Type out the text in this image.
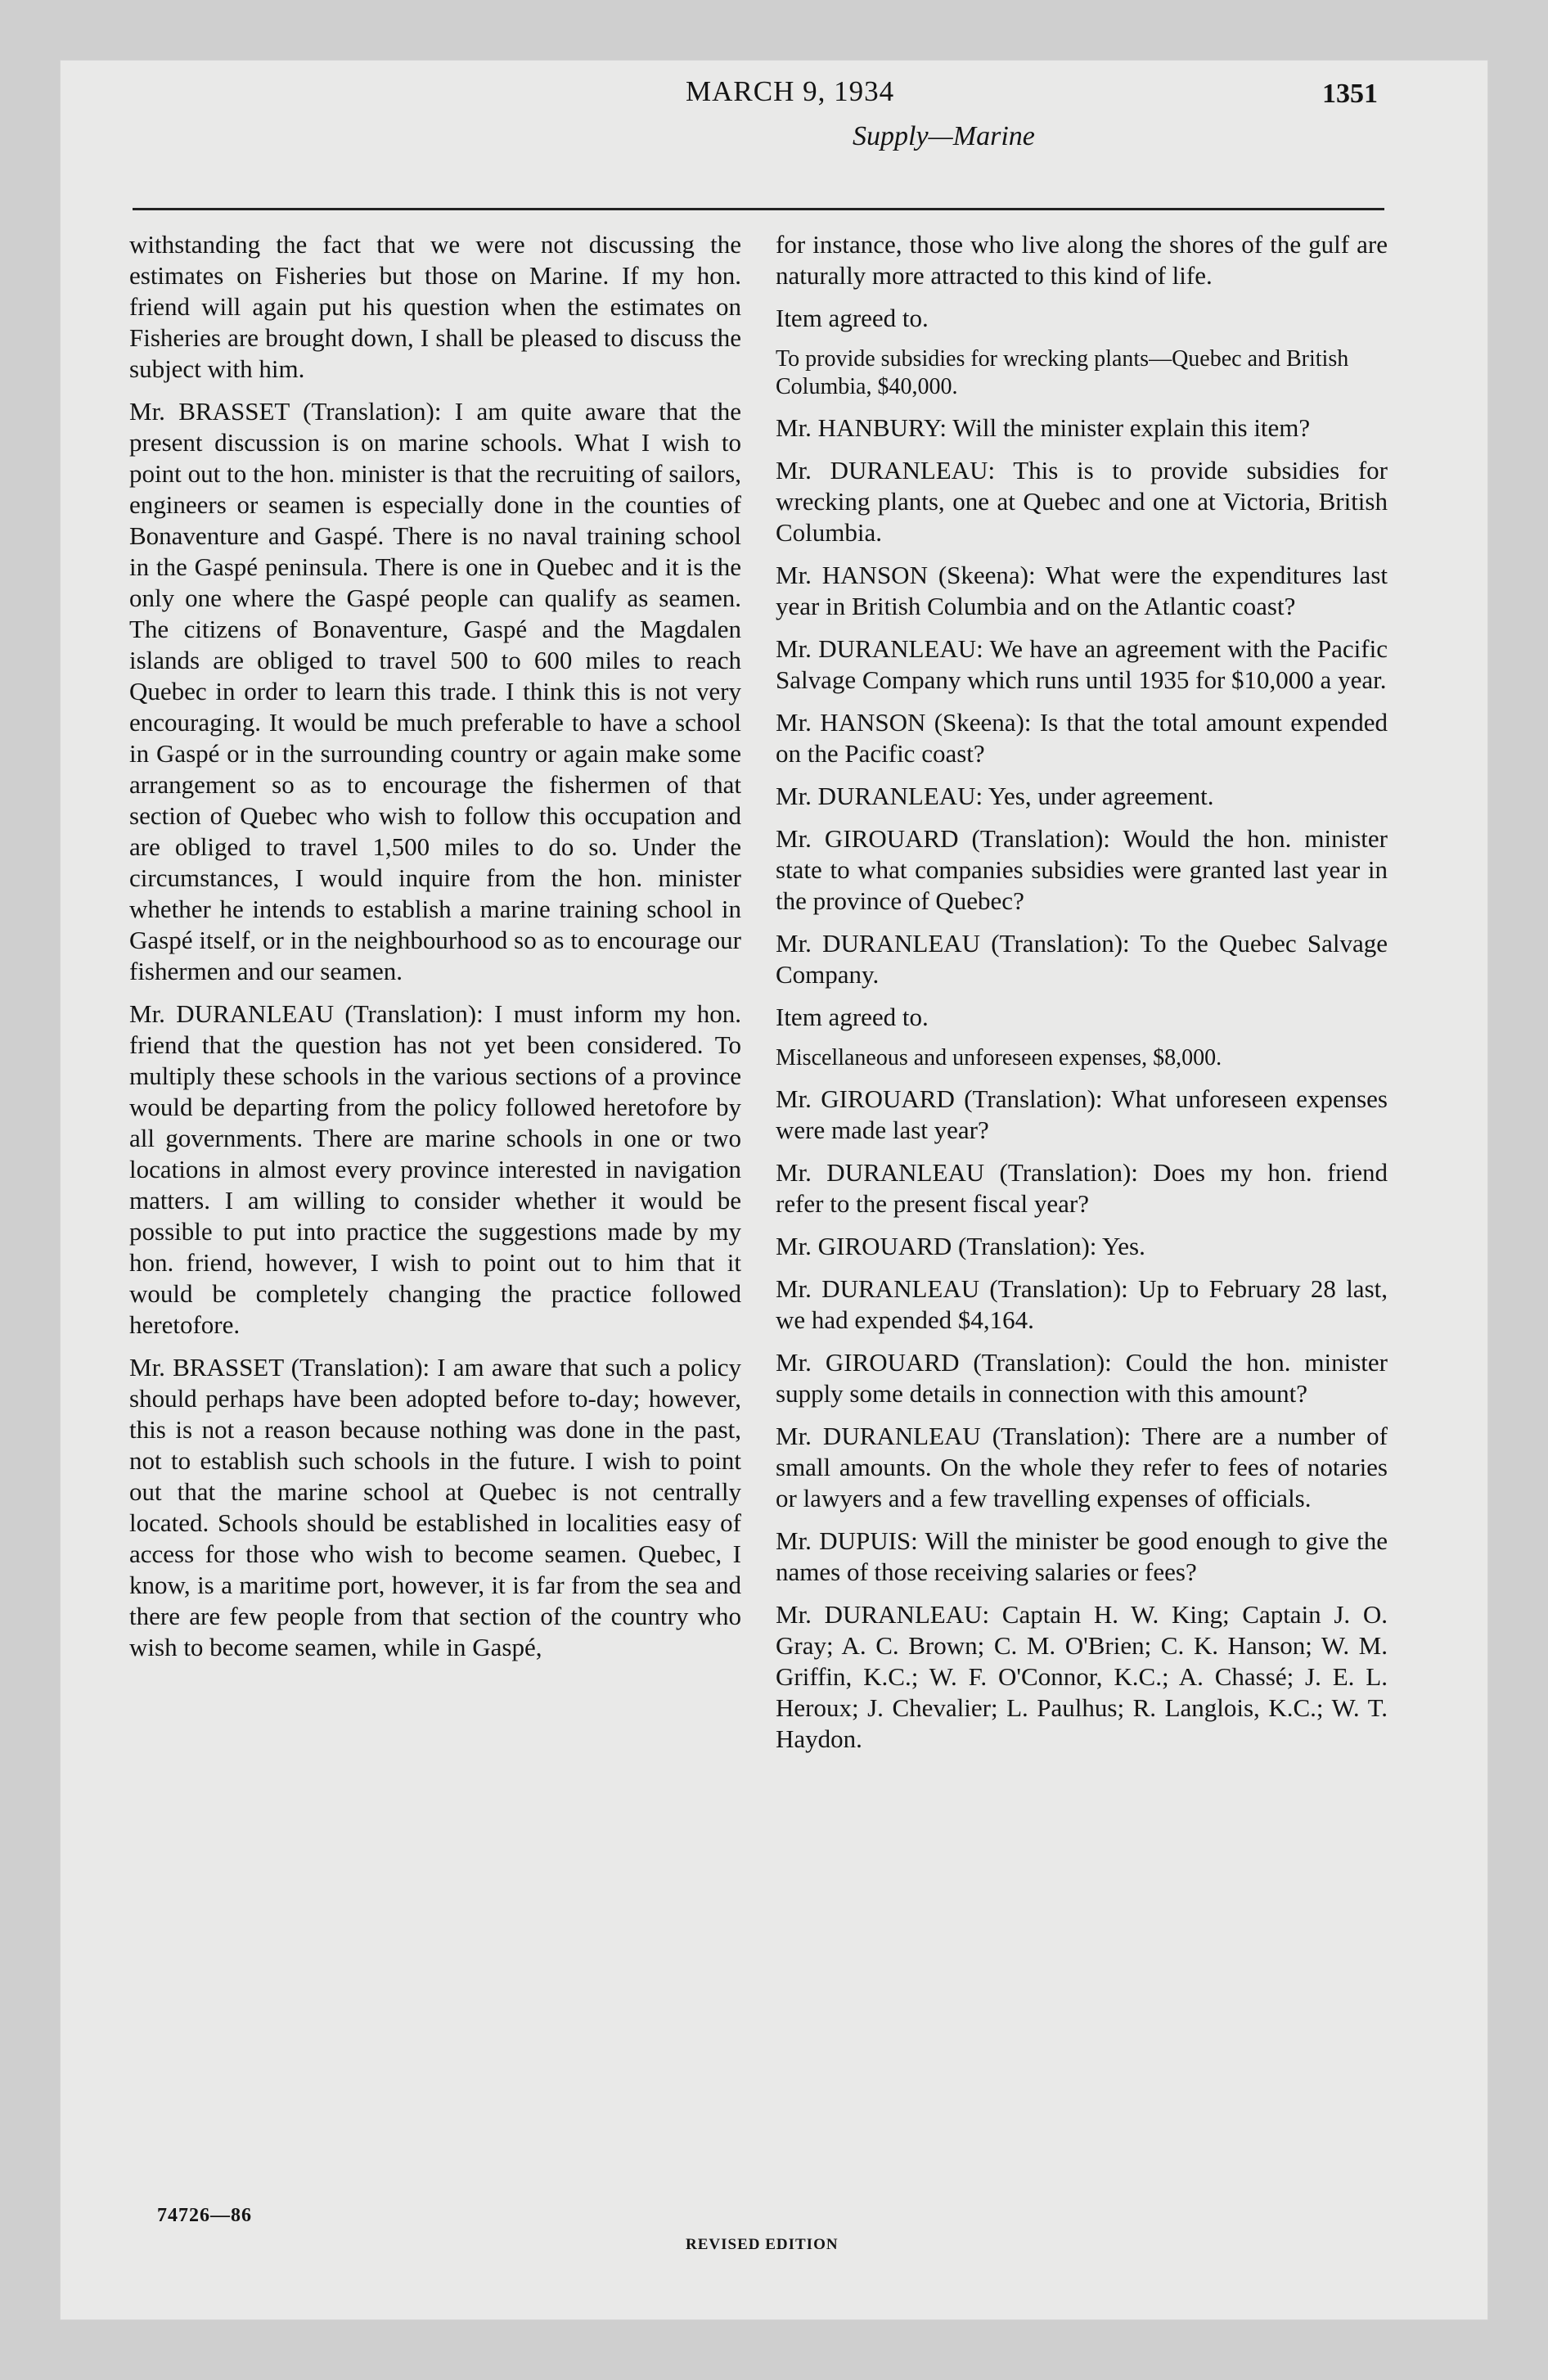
MARCH 9, 1934	1351
Supply—Marine

withstanding the fact that we were not discussing the estimates on Fisheries but those on Marine. If my hon. friend will again put his question when the estimates on Fisheries are brought down, I shall be pleased to discuss the subject with him.

Mr. BRASSET (Translation): I am quite aware that the present discussion is on marine schools. What I wish to point out to the hon. minister is that the recruiting of sailors, engineers or seamen is especially done in the counties of Bonaventure and Gaspé. There is no naval training school in the Gaspé peninsula. There is one in Quebec and it is the only one where the Gaspé people can qualify as seamen. The citizens of Bonaventure, Gaspé and the Magdalen islands are obliged to travel 500 to 600 miles to reach Quebec in order to learn this trade. I think this is not very encouraging. It would be much preferable to have a school in Gaspé or in the surrounding country or again make some arrangement so as to encourage the fishermen of that section of Quebec who wish to follow this occupation and are obliged to travel 1,500 miles to do so. Under the circumstances, I would inquire from the hon. minister whether he intends to establish a marine training school in Gaspé itself, or in the neighbourhood so as to encourage our fishermen and our seamen.

Mr. DURANLEAU (Translation): I must inform my hon. friend that the question has not yet been considered. To multiply these schools in the various sections of a province would be departing from the policy followed heretofore by all governments. There are marine schools in one or two locations in almost every province interested in navigation matters. I am willing to consider whether it would be possible to put into practice the suggestions made by my hon. friend, however, I wish to point out to him that it would be completely changing the practice followed heretofore.

Mr. BRASSET (Translation): I am aware that such a policy should perhaps have been adopted before to-day; however, this is not a reason because nothing was done in the past, not to establish such schools in the future. I wish to point out that the marine school at Quebec is not centrally located. Schools should be established in localities easy of access for those who wish to become seamen. Quebec, I know, is a maritime port, however, it is far from the sea and there are few people from that section of the country who wish to become seamen, while in Gaspé,

for instance, those who live along the shores of the gulf are naturally more attracted to this kind of life.

Item agreed to.

To provide subsidies for wrecking plants—Quebec and British Columbia, $40,000.

Mr. HANBURY: Will the minister explain this item?

Mr. DURANLEAU: This is to provide subsidies for wrecking plants, one at Quebec and one at Victoria, British Columbia.

Mr. HANSON (Skeena): What were the expenditures last year in British Columbia and on the Atlantic coast?

Mr. DURANLEAU: We have an agreement with the Pacific Salvage Company which runs until 1935 for $10,000 a year.

Mr. HANSON (Skeena): Is that the total amount expended on the Pacific coast?

Mr. DURANLEAU: Yes, under agreement.

Mr. GIROUARD (Translation): Would the hon. minister state to what companies subsidies were granted last year in the province of Quebec?

Mr. DURANLEAU (Translation): To the Quebec Salvage Company.

Item agreed to.

Miscellaneous and unforeseen expenses, $8,000.

Mr. GIROUARD (Translation): What unforeseen expenses were made last year?

Mr. DURANLEAU (Translation): Does my hon. friend refer to the present fiscal year?

Mr. GIROUARD (Translation): Yes.

Mr. DURANLEAU (Translation): Up to February 28 last, we had expended $4,164.

Mr. GIROUARD (Translation): Could the hon. minister supply some details in connection with this amount?

Mr. DURANLEAU (Translation): There are a number of small amounts. On the whole they refer to fees of notaries or lawyers and a few travelling expenses of officials.

Mr. DUPUIS: Will the minister be good enough to give the names of those receiving salaries or fees?

Mr. DURANLEAU: Captain H. W. King; Captain J. O. Gray; A. C. Brown; C. M. O'Brien; C. K. Hanson; W. M. Griffin, K.C.; W. F. O'Connor, K.C.; A. Chassé; J. E. L. Heroux; J. Chevalier; L. Paulhus; R. Langlois, K.C.; W. T. Haydon.

74726—86
REVISED EDITION
